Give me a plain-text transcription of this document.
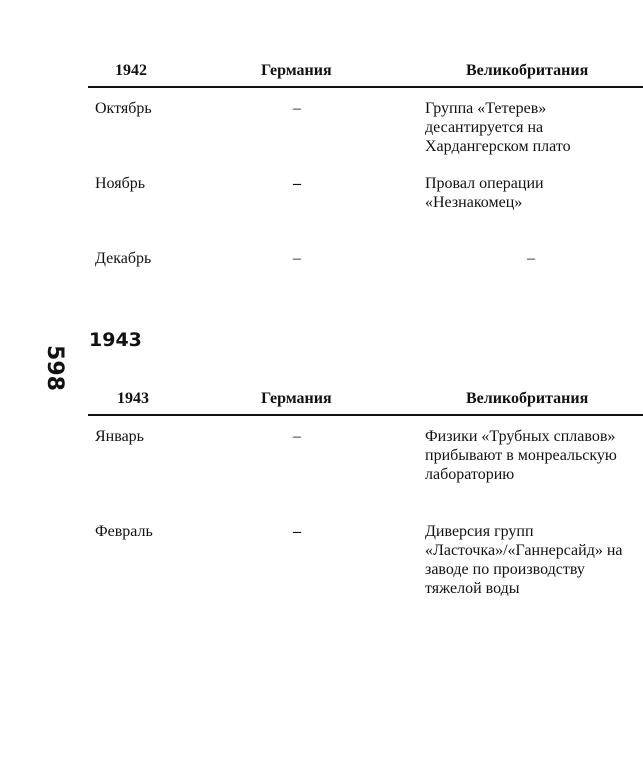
1942	Германия	Великобритания
Октябрь	–	Группа «Тетерев» десантируется на Хардангерском плато
Ноябрь	–	Провал операции «Незнакомец»
Декабрь	–	–
598
1943
1943	Германия	Великобритания
Январь	–	Физики «Трубных сплавов» прибывают в монреальскую лабораторию
Февраль	–	Диверсия групп «Ласточка»/«Ганнерсайд» на заводе по производству тяжелой воды
